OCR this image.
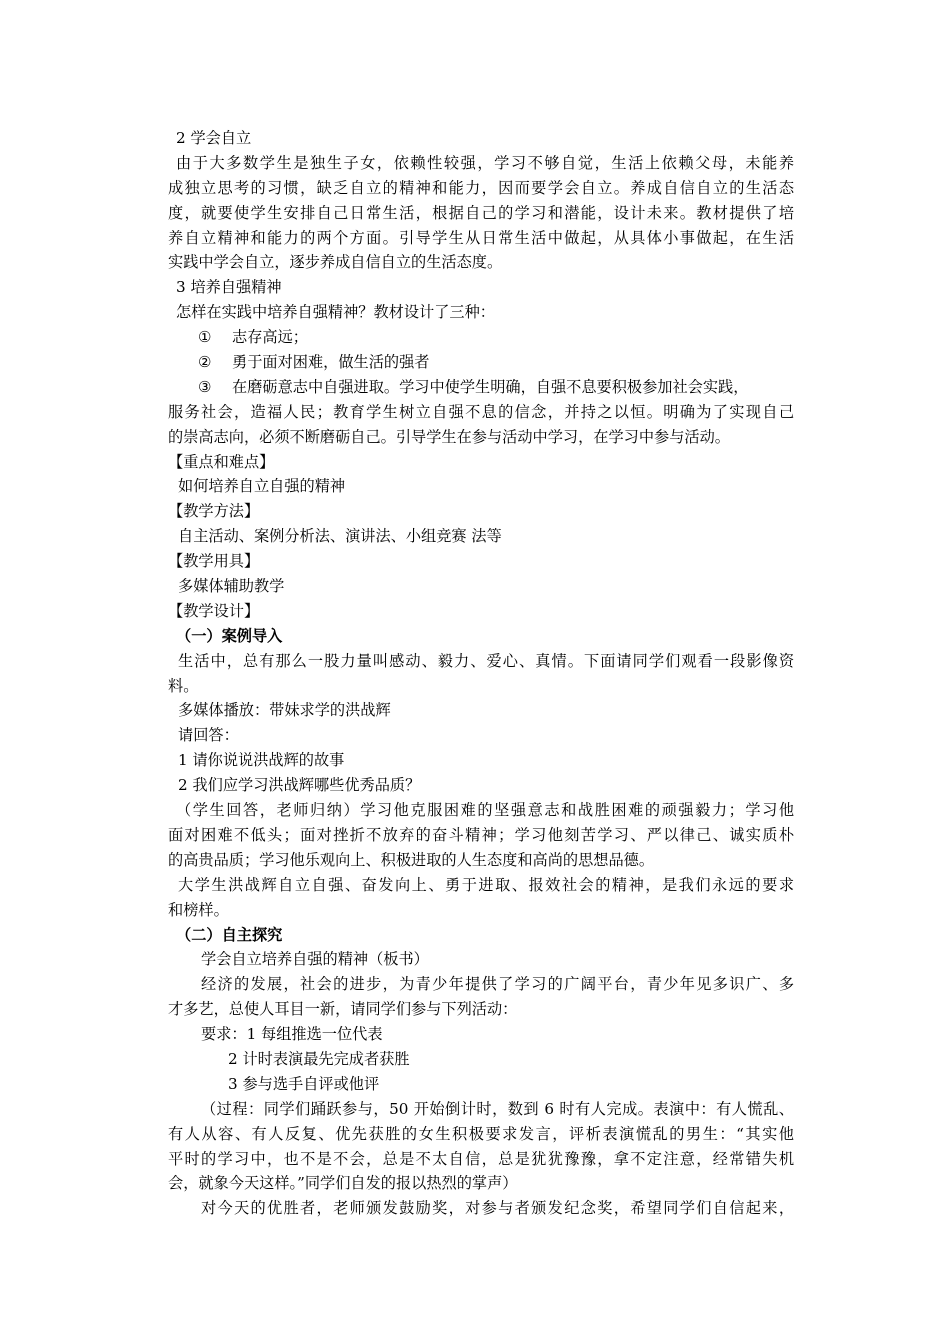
2 学会自立
由于大多数学生是独生子女，依赖性较强，学习不够自觉，生活上依赖父母，未能养
成独立思考的习惯，缺乏自立的精神和能力，因而要学会自立。养成自信自立的生活态
度，就要使学生安排自己日常生活，根据自己的学习和潜能，设计未来。教材提供了培
养自立精神和能力的两个方面。引导学生从日常生活中做起，从具体小事做起，在生活
实践中学会自立，逐步养成自信自立的生活态度。
3 培养自强精神
怎样在实践中培养自强精神？教材设计了三种：
① 志存高远；
② 勇于面对困难，做生活的强者
③ 在磨砺意志中自强进取。学习中使学生明确，自强不息要积极参加社会实践，
服务社会，造福人民；教育学生树立自强不息的信念，并持之以恒。明确为了实现自己
的崇高志向，必须不断磨砺自己。引导学生在参与活动中学习，在学习中参与活动。
【重点和难点】
如何培养自立自强的精神
【教学方法】
自主活动、案例分析法、演讲法、小组竞赛 法等
【教学用具】
多媒体辅助教学
【教学设计】
（一）案例导入
生活中，总有那么一股力量叫感动、毅力、爱心、真情。下面请同学们观看一段影像资
料。
多媒体播放：带妹求学的洪战辉
请回答：
1 请你说说洪战辉的故事
2 我们应学习洪战辉哪些优秀品质？
（学生回答，老师归纳）学习他克服困难的坚强意志和战胜困难的顽强毅力；学习他
面对困难不低头；面对挫折不放弃的奋斗精神；学习他刻苦学习、严以律己、诚实质朴
的高贵品质；学习他乐观向上、积极进取的人生态度和高尚的思想品德。
大学生洪战辉自立自强、奋发向上、勇于进取、报效社会的精神，是我们永远的要求
和榜样。
（二）自主探究
学会自立培养自强的精神（板书）
经济的发展，社会的进步，为青少年提供了学习的广阔平台，青少年见多识广、多
才多艺，总使人耳目一新，请同学们参与下列活动：
要求：1 每组推选一位代表
2 计时表演最先完成者获胜
3 参与选手自评或他评
（过程：同学们踊跃参与，50 开始倒计时，数到 6 时有人完成。表演中：有人慌乱、
有人从容、有人反复、优先获胜的女生积极要求发言，评析表演慌乱的男生：“其实他
平时的学习中，也不是不会，总是不太自信，总是犹犹豫豫，拿不定注意，经常错失机
会，就象今天这样。”同学们自发的报以热烈的掌声）
对今天的优胜者，老师颁发鼓励奖，对参与者颁发纪念奖，希望同学们自信起来，
